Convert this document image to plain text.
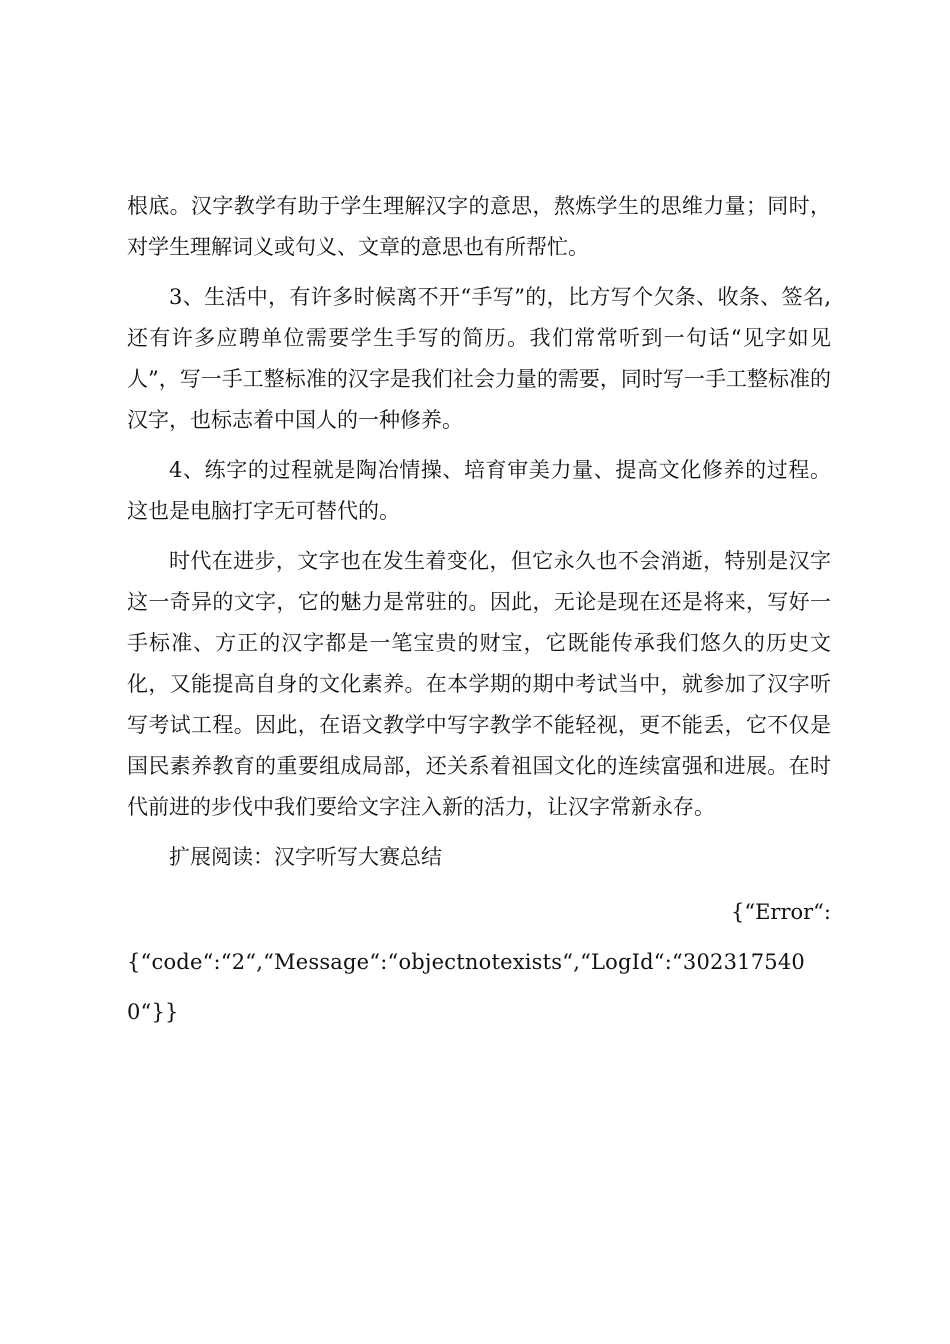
根底。汉字教学有助于学生理解汉字的意思，熬炼学生的思维力量；同时，对学生理解词义或句义、文章的意思也有所帮忙。

3、生活中，有许多时候离不开“手写”的，比方写个欠条、收条、签名,还有许多应聘单位需要学生手写的简历。我们常常听到一句话“见字如见人”，写一手工整标准的汉字是我们社会力量的需要，同时写一手工整标准的汉字，也标志着中国人的一种修养。

4、练字的过程就是陶冶情操、培育审美力量、提高文化修养的过程。这也是电脑打字无可替代的。

时代在进步，文字也在发生着变化，但它永久也不会消逝，特别是汉字这一奇异的文字，它的魅力是常驻的。因此，无论是现在还是将来，写好一手标准、方正的汉字都是一笔宝贵的财宝，它既能传承我们悠久的历史文化，又能提高自身的文化素养。在本学期的期中考试当中，就参加了汉字听写考试工程。因此，在语文教学中写字教学不能轻视，更不能丢，它不仅是国民素养教育的重要组成局部，还关系着祖国文化的连续富强和进展。在时代前进的步伐中我们要给文字注入新的活力，让汉字常新永存。

扩展阅读：汉字听写大赛总结

{“Error“:
{“code“:“2“,“Message“:“objectnotexists“,“LogId“:“3023175400“}}
